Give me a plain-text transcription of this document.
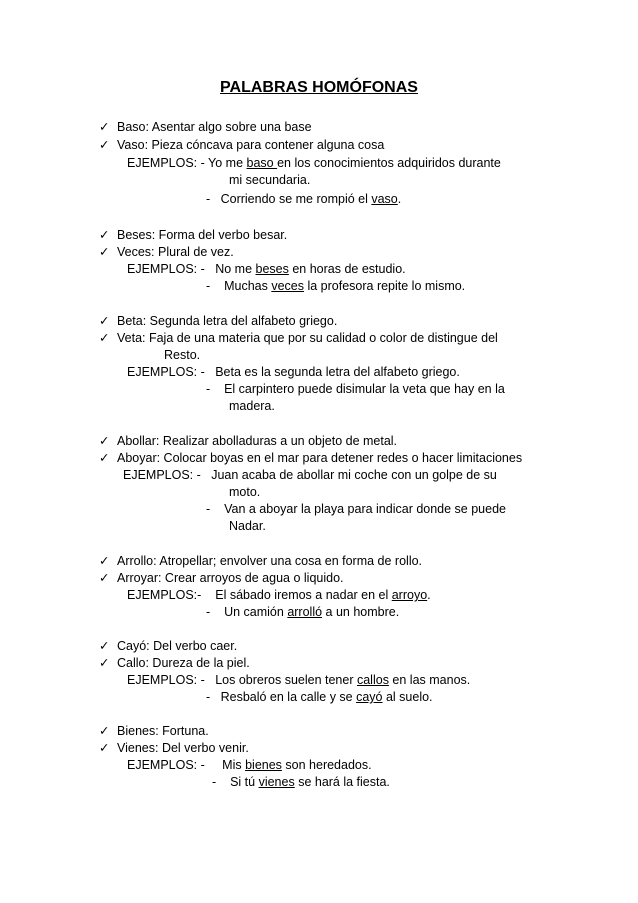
PALABRAS HOMÓFONAS
✓ Baso: Asentar algo sobre una base
✓ Vaso: Pieza cóncava para contener alguna cosa
EJEMPLOS: - Yo me baso en los conocimientos adquiridos durante
mi secundaria.
- Corriendo se me rompió el vaso.
✓ Beses: Forma del verbo besar.
✓ Veces: Plural de vez.
EJEMPLOS: - No me beses en horas de estudio.
- Muchas veces la profesora repite lo mismo.
✓ Beta: Segunda letra del alfabeto griego.
✓ Veta: Faja de una materia que por su calidad o color de distingue del
Resto.
EJEMPLOS: - Beta es la segunda letra del alfabeto griego.
- El carpintero puede disimular la veta que hay en la
madera.
✓ Abollar: Realizar abolladuras a un objeto de metal.
✓ Aboyar: Colocar boyas en el mar para detener redes o hacer limitaciones
EJEMPLOS: - Juan acaba de abollar mi coche con un golpe de su
moto.
- Van a aboyar la playa para indicar donde se puede
Nadar.
✓ Arrollo: Atropellar; envolver una cosa en forma de rollo.
✓ Arroyar: Crear arroyos de agua o liquido.
EJEMPLOS:- El sábado iremos a nadar en el arroyo.
- Un camión arrolló a un hombre.
✓ Cayó: Del verbo caer.
✓ Callo: Dureza de la piel.
EJEMPLOS: - Los obreros suelen tener callos en las manos.
- Resbaló en la calle y se cayó al suelo.
✓ Bienes: Fortuna.
✓ Vienes: Del verbo venir.
EJEMPLOS: - Mis bienes son heredados.
- Si tú vienes se hará la fiesta.
